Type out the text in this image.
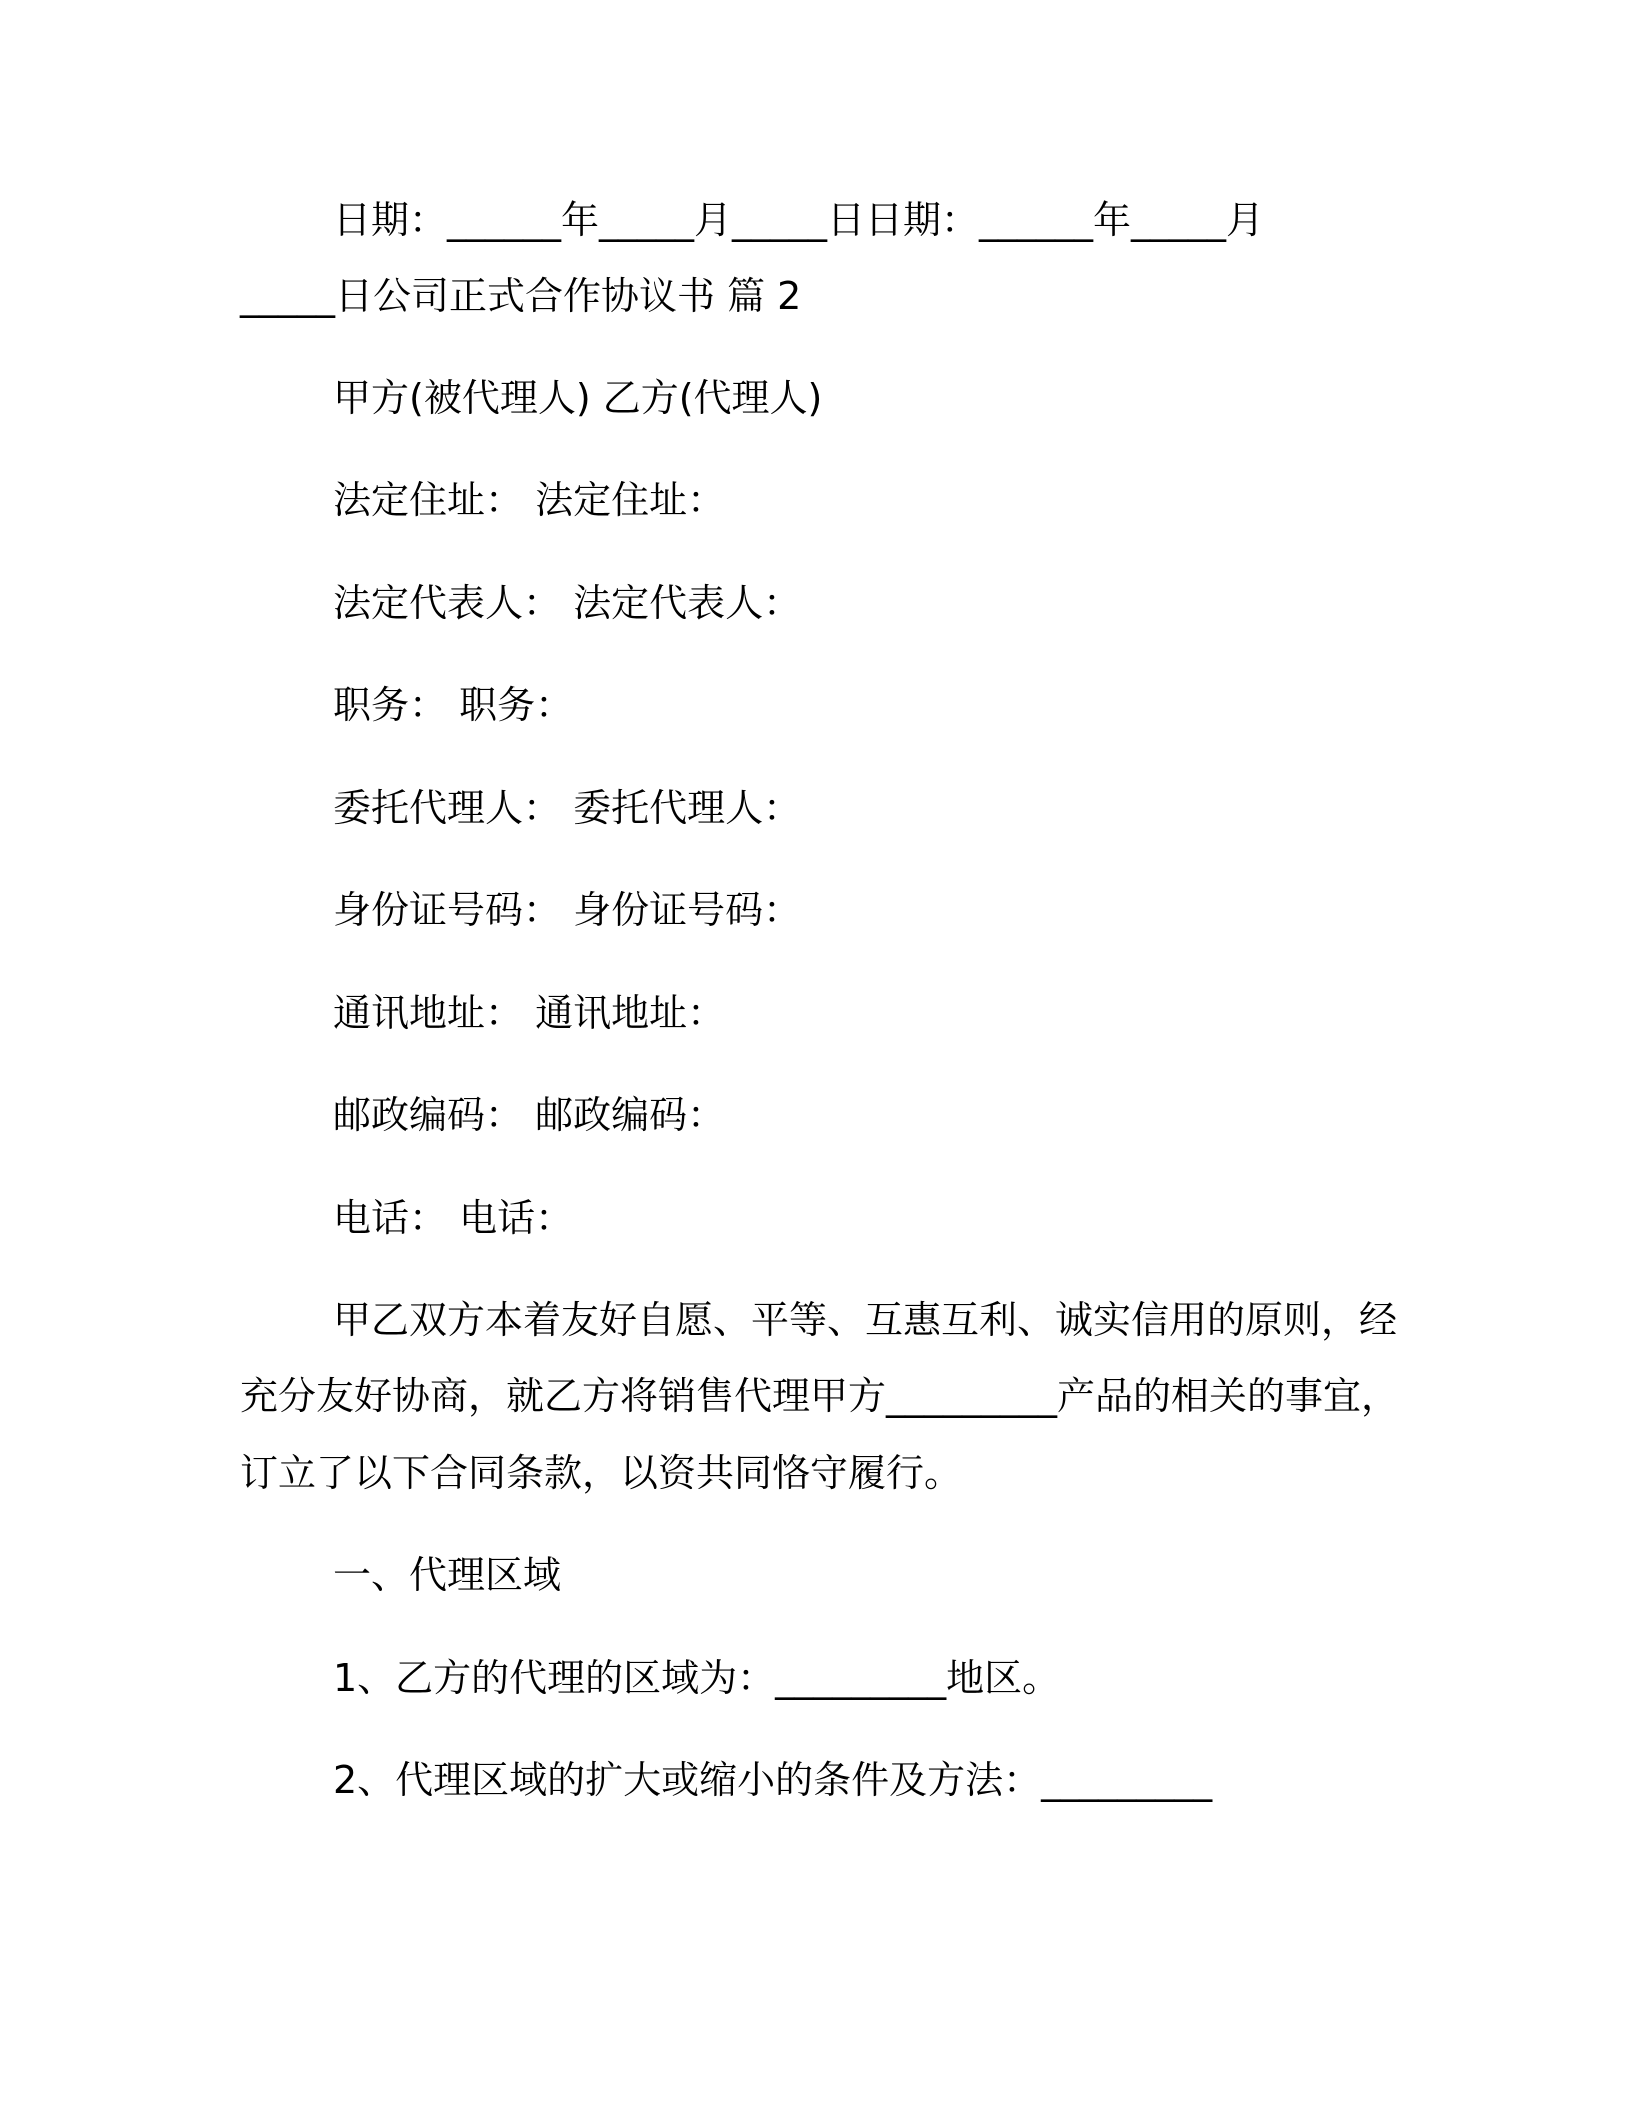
日期：______年_____月_____日日期：______年_____月
_____日公司正式合作协议书 篇 2
甲方(被代理人) 乙方(代理人)
法定住址： 法定住址：
法定代表人： 法定代表人：
职务： 职务：
委托代理人： 委托代理人：
身份证号码： 身份证号码：
通讯地址： 通讯地址：
邮政编码： 邮政编码：
电话： 电话：
甲乙双方本着友好自愿、平等、互惠互利、诚实信用的原则，经
充分友好协商，就乙方将销售代理甲方_________产品的相关的事宜，
订立了以下合同条款，以资共同恪守履行。
一、代理区域
1、乙方的代理的区域为：_________地区。
2、代理区域的扩大或缩小的条件及方法：_________
